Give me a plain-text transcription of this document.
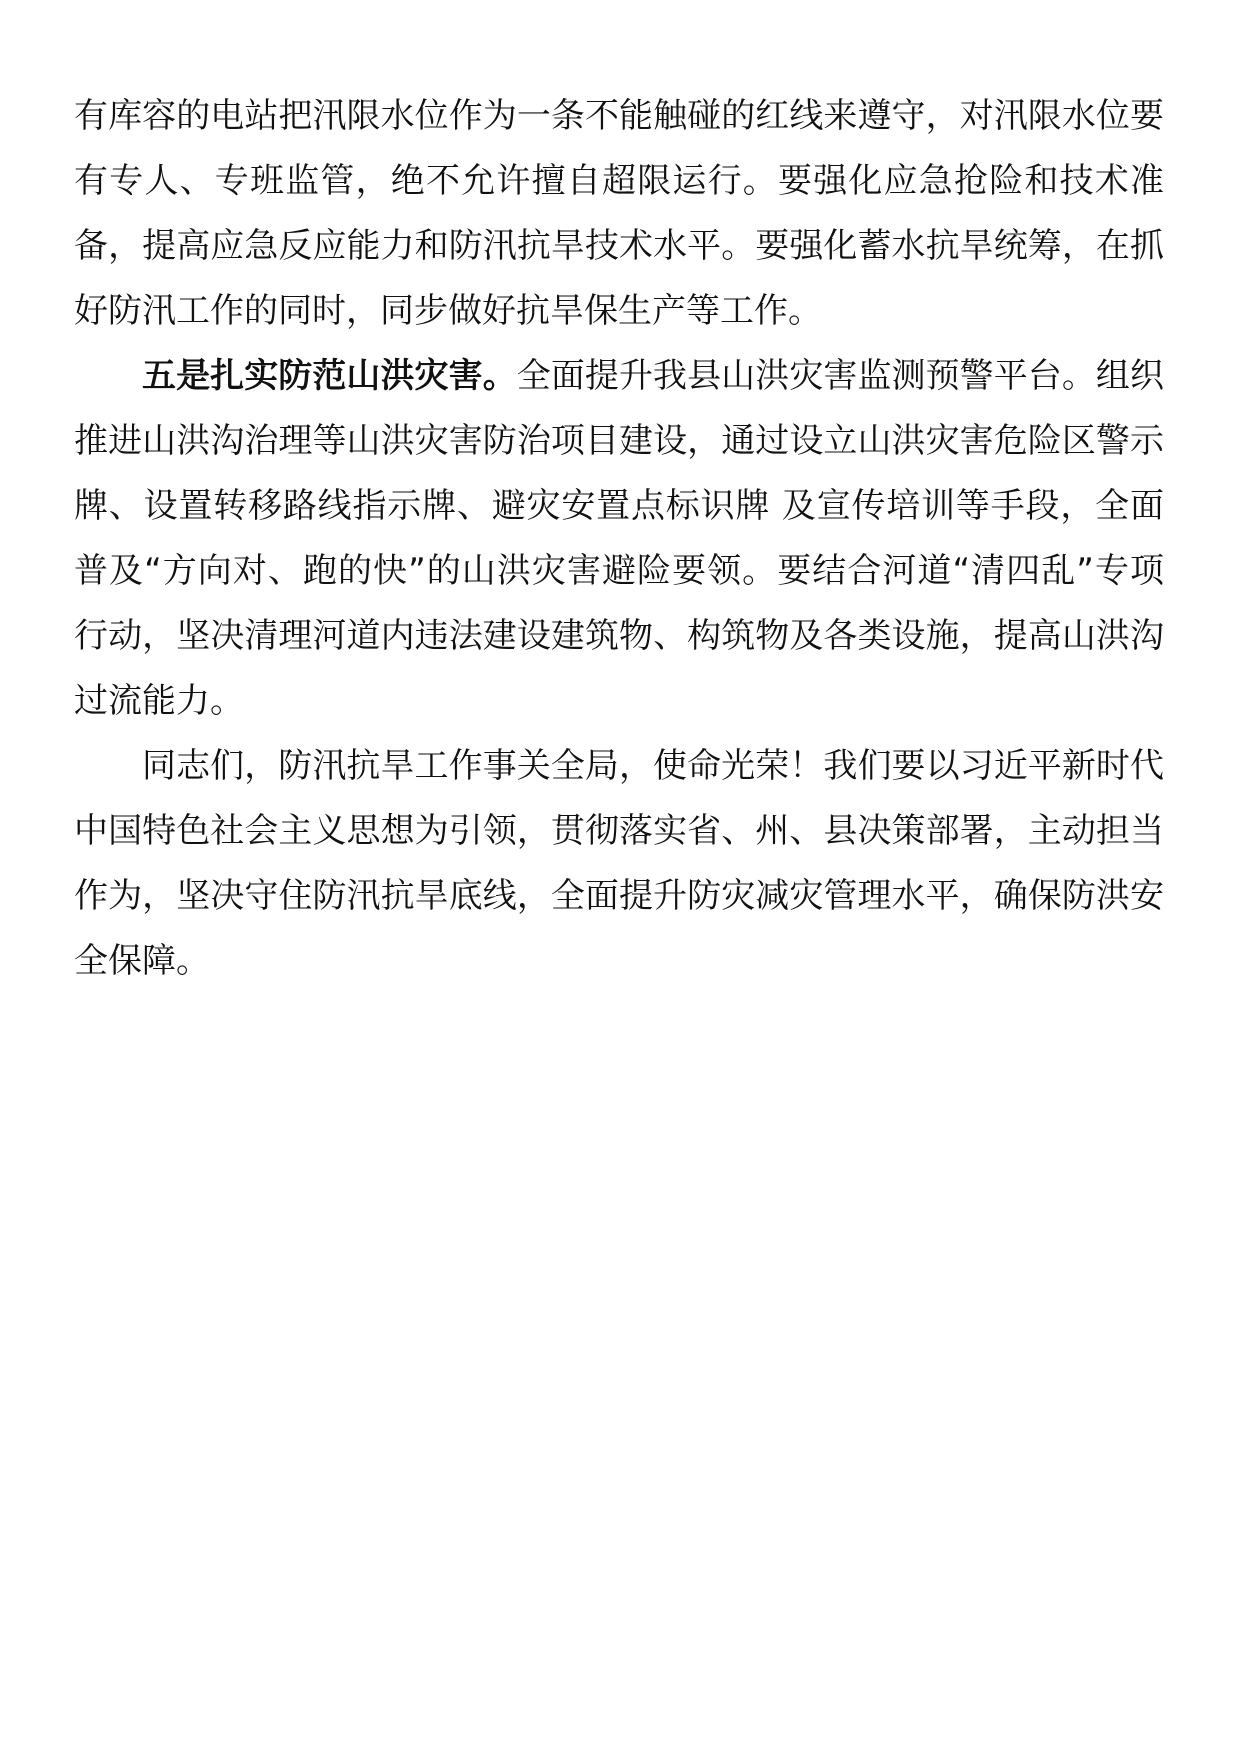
有库容的电站把汛限水位作为一条不能触碰的红线来遵守，对汛限水位要有专人、专班监管，绝不允许擅自超限运行。要强化应急抢险和技术准备，提高应急反应能力和防汛抗旱技术水平。要强化蓄水抗旱统筹，在抓好防汛工作的同时，同步做好抗旱保生产等工作。

五是扎实防范山洪灾害。全面提升我县山洪灾害监测预警平台。组织推进山洪沟治理等山洪灾害防治项目建设，通过设立山洪灾害危险区警示牌、设置转移路线指示牌、避灾安置点标识牌 及宣传培训等手段，全面普及“方向对、跑的快”的山洪灾害避险要领。要结合河道“清四乱”专项行动，坚决清理河道内违法建设建筑物、构筑物及各类设施，提高山洪沟过流能力。

同志们，防汛抗旱工作事关全局，使命光荣！我们要以习近平新时代中国特色社会主义思想为引领，贯彻落实省、州、县决策部署，主动担当作为，坚决守住防汛抗旱底线，全面提升防灾减灾管理水平，确保防洪安全保障。
